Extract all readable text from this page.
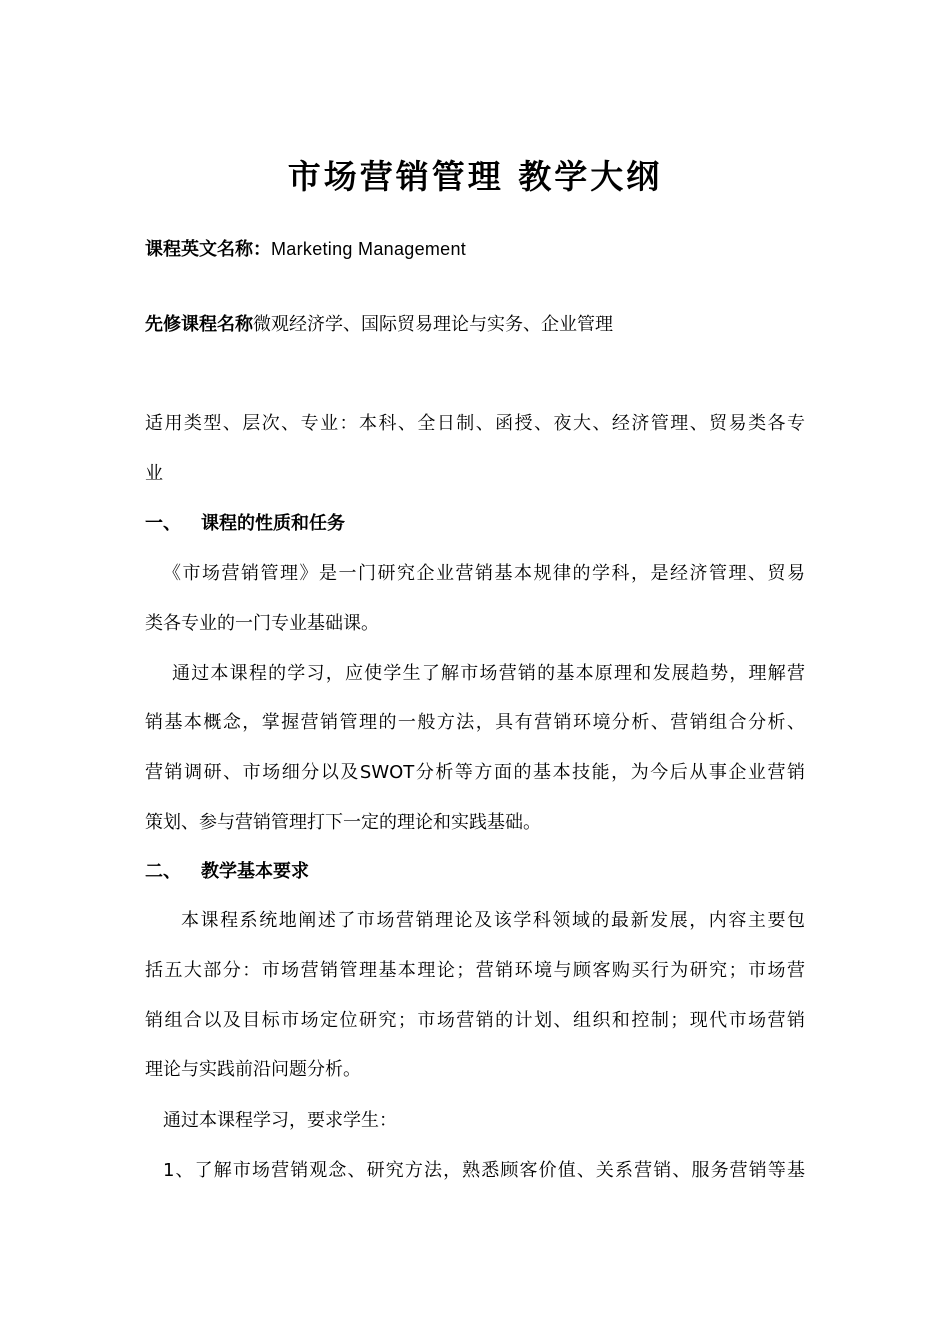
市场营销管理 教学大纲
课程英文名称：Marketing Management
先修课程名称微观经济学、国际贸易理论与实务、企业管理
适用类型、层次、专业：本科、全日制、函授、夜大、经济管理、贸易类各专
业
一、 课程的性质和任务
《市场营销管理》是一门研究企业营销基本规律的学科，是经济管理、贸易
类各专业的一门专业基础课。
通过本课程的学习，应使学生了解市场营销的基本原理和发展趋势，理解营
销基本概念，掌握营销管理的一般方法，具有营销环境分析、营销组合分析、
营销调研、市场细分以及SWOT分析等方面的基本技能，为今后从事企业营销
策划、参与营销管理打下一定的理论和实践基础。
二、 教学基本要求
本课程系统地阐述了市场营销理论及该学科领域的最新发展，内容主要包
括五大部分：市场营销管理基本理论；营销环境与顾客购买行为研究；市场营
销组合以及目标市场定位研究；市场营销的计划、组织和控制；现代市场营销
理论与实践前沿问题分析。
通过本课程学习，要求学生：
1、了解市场营销观念、研究方法，熟悉顾客价值、关系营销、服务营销等基
